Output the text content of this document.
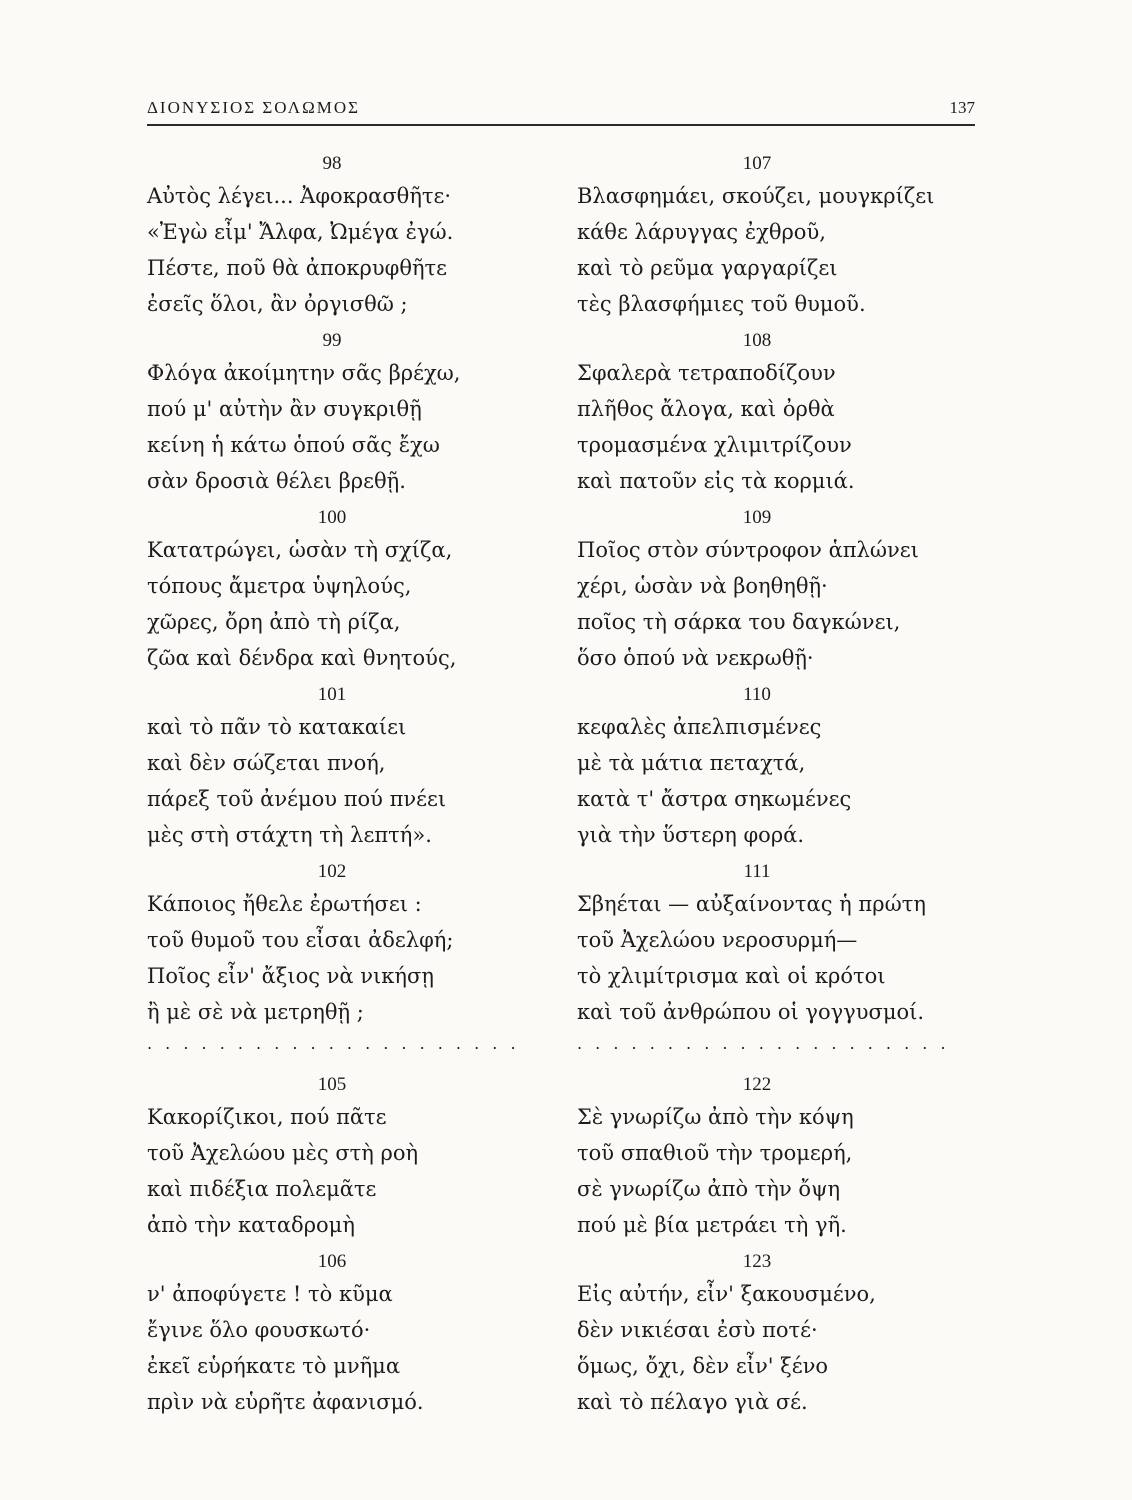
ΔΙΟΝΥΣΙΟΣ ΣΟΛΩΜΟΣ	137
98
Αὐτὸς λέγει... Ἀφοκρασθῆτε·
«Ἐγὼ εἶμ' Ἄλφα, Ὠμέγα ἐγώ.
Πέστε, ποῦ θὰ ἀποκρυφθῆτε
ἐσεῖς ὅλοι, ἂν ὀργισθῶ ;
99
Φλόγα ἀκοίμητην σᾶς βρέχω,
πού μ' αὐτὴν ἂν συγκριθῇ
κείνη ἡ κάτω ὁπού σᾶς ἔχω
σὰν δροσιὰ θέλει βρεθῇ.
100
Κατατρώγει, ὡσὰν τὴ σχίζα,
τόπους ἄμετρα ὑψηλούς,
χῶρες, ὄρη ἀπὸ τὴ ρίζα,
ζῶα καὶ δένδρα καὶ θνητούς,
101
καὶ τὸ πᾶν τὸ κατακαίει
καὶ δὲν σώζεται πνοή,
πάρεξ τοῦ ἀνέμου πού πνέει
μὲς στὴ στάχτη τὴ λεπτή».
102
Κάποιος ἤθελε ἐρωτήσει :
τοῦ θυμοῦ του εἶσαι ἀδελφή;
Ποῖος εἶν' ἄξιος νὰ νικήσῃ
ἢ μὲ σὲ νὰ μετρηθῇ ;
. . . . . . . . . . . . . . . . . . . . .
105
Κακορίζικοι, πού πᾶτε
τοῦ Ἀχελώου μὲς στὴ ροὴ
καὶ πιδέξια πολεμᾶτε
ἀπὸ τὴν καταδρομὴ
106
ν' ἀποφύγετε ! τὸ κῦμα
ἔγινε ὅλο φουσκωτό·
ἐκεῖ εὑρήκατε τὸ μνῆμα
πρὶν νὰ εὑρῆτε ἀφανισμό.
107
Βλασφημάει, σκούζει, μουγκρίζει
κάθε λάρυγγας ἐχθροῦ,
καὶ τὸ ρεῦμα γαργαρίζει
τὲς βλασφήμιες τοῦ θυμοῦ.
108
Σφαλερὰ τετραποδίζουν
πλῆθος ἄλογα, καὶ ὀρθὰ
τρομασμένα χλιμιτρίζουν
καὶ πατοῦν εἰς τὰ κορμιά.
109
Ποῖος στὸν σύντροφον ἁπλώνει
χέρι, ὡσὰν νὰ βοηθηθῇ·
ποῖος τὴ σάρκα του δαγκώνει,
ὅσο ὁπού νὰ νεκρωθῇ·
110
κεφαλὲς ἀπελπισμένες
μὲ τὰ μάτια πεταχτά,
κατὰ τ' ἄστρα σηκωμένες
γιὰ τὴν ὕστερη φορά.
111
Σβηέται — αὐξαίνοντας ἡ πρώτη
τοῦ Ἀχελώου νεροσυρμή—
τὸ χλιμίτρισμα καὶ οἱ κρότοι
καὶ τοῦ ἀνθρώπου οἱ γογγυσμοί.
. . . . . . . . . . . . . . . . . . . . .
122
Σὲ γνωρίζω ἀπὸ τὴν κόψη
τοῦ σπαθιοῦ τὴν τρομερή,
σὲ γνωρίζω ἀπὸ τὴν ὄψη
πού μὲ βία μετράει τὴ γῆ.
123
Εἰς αὐτήν, εἶν' ξακουσμένο,
δὲν νικιέσαι ἐσὺ ποτέ·
ὅμως, ὄχι, δὲν εἶν' ξένο
καὶ τὸ πέλαγο γιὰ σέ.
